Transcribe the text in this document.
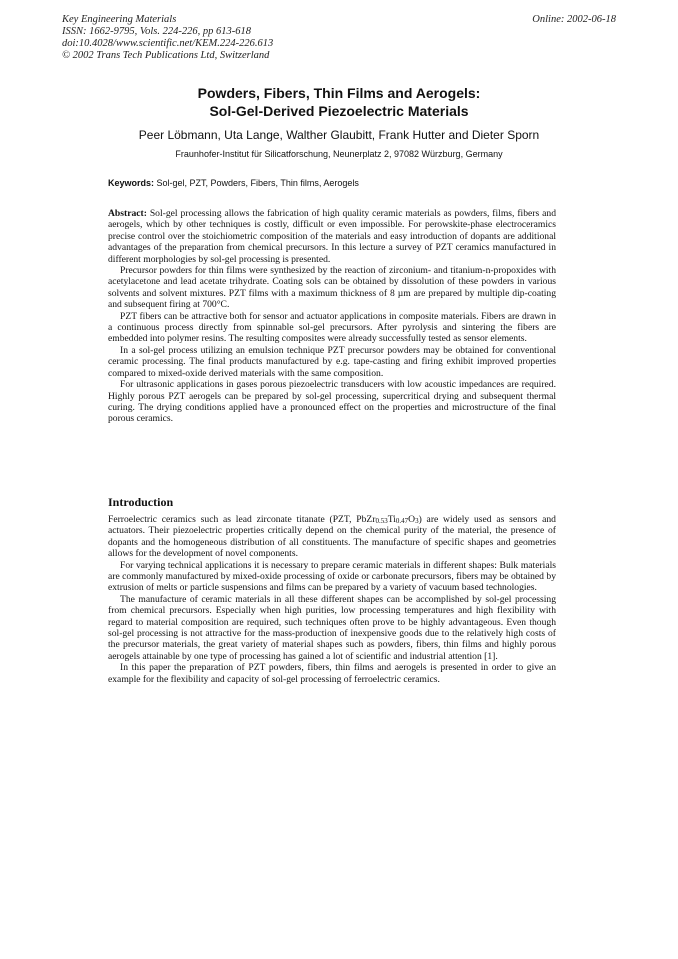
Key Engineering Materials
ISSN: 1662-9795, Vols. 224-226, pp 613-618
doi:10.4028/www.scientific.net/KEM.224-226.613
© 2002 Trans Tech Publications Ltd, Switzerland
Online: 2002-06-18
Powders, Fibers, Thin Films and Aerogels:
Sol-Gel-Derived Piezoelectric Materials
Peer Löbmann, Uta Lange, Walther Glaubitt, Frank Hutter and Dieter Sporn
Fraunhofer-Institut für Silicatforschung, Neunerplatz 2, 97082 Würzburg, Germany
Keywords: Sol-gel, PZT, Powders, Fibers, Thin films, Aerogels

Abstract: Sol-gel processing allows the fabrication of high quality ceramic materials as powders, films, fibers and aerogels, which by other techniques is costly, difficult or even impossible. For perowskite-phase electroceramics precise control over the stoichiometric composition of the materials and easy introduction of dopants are additional advantages of the preparation from chemical precursors. In this lecture a survey of PZT ceramics manufactured in different morphologies by sol-gel processing is presented.

Precursor powders for thin films were synthesized by the reaction of zirconium- and titanium-n-propoxides with acetylacetone and lead acetate trihydrate. Coating sols can be obtained by dissolution of these powders in various solvents and solvent mixtures. PZT films with a maximum thickness of 8 µm are prepared by multiple dip-coating and subsequent firing at 700°C.

PZT fibers can be attractive both for sensor and actuator applications in composite materials. Fibers are drawn in a continuous process directly from spinnable sol-gel precursors. After pyrolysis and sintering the fibers are embedded into polymer resins. The resulting composites were already successfully tested as sensor elements.

In a sol-gel process utilizing an emulsion technique PZT precursor powders may be obtained for conventional ceramic processing. The final products manufactured by e.g. tape-casting and firing exhibit improved properties compared to mixed-oxide derived materials with the same composition.

For ultrasonic applications in gases porous piezoelectric transducers with low acoustic impedances are required. Highly porous PZT aerogels can be prepared by sol-gel processing, supercritical drying and subsequent thermal curing. The drying conditions applied have a pronounced effect on the properties and microstructure of the final porous ceramics.

Introduction

Ferroelectric ceramics such as lead zirconate titanate (PZT, $PbZr_{0.53}Ti_{0.47}O_3$) are widely used as sensors and actuators. Their piezoelectric properties critically depend on the chemical purity of the material, the presence of dopants and the homogeneous distribution of all constituents. The manufacture of specific shapes and geometries allows for the development of novel components.

For varying technical applications it is necessary to prepare ceramic materials in different shapes: Bulk materials are commonly manufactured by mixed-oxide processing of oxide or carbonate precursors, fibers may be obtained by extrusion of melts or particle suspensions and films can be prepared by a variety of vacuum based technologies.

The manufacture of ceramic materials in all these different shapes can be accomplished by sol-gel processing from chemical precursors. Especially when high purities, low processing temperatures and high flexibility with regard to material composition are required, such techniques often prove to be highly advantageous. Even though sol-gel processing is not attractive for the mass-production of inexpensive goods due to the relatively high costs of the precursor materials, the great variety of material shapes such as powders, fibers, thin films and highly porous aerogels attainable by one type of processing has gained a lot of scientific and industrial attention [1].

In this paper the preparation of PZT powders, fibers, thin films and aerogels is presented in order to give an example for the flexibility and capacity of sol-gel processing of ferroelectric ceramics.
